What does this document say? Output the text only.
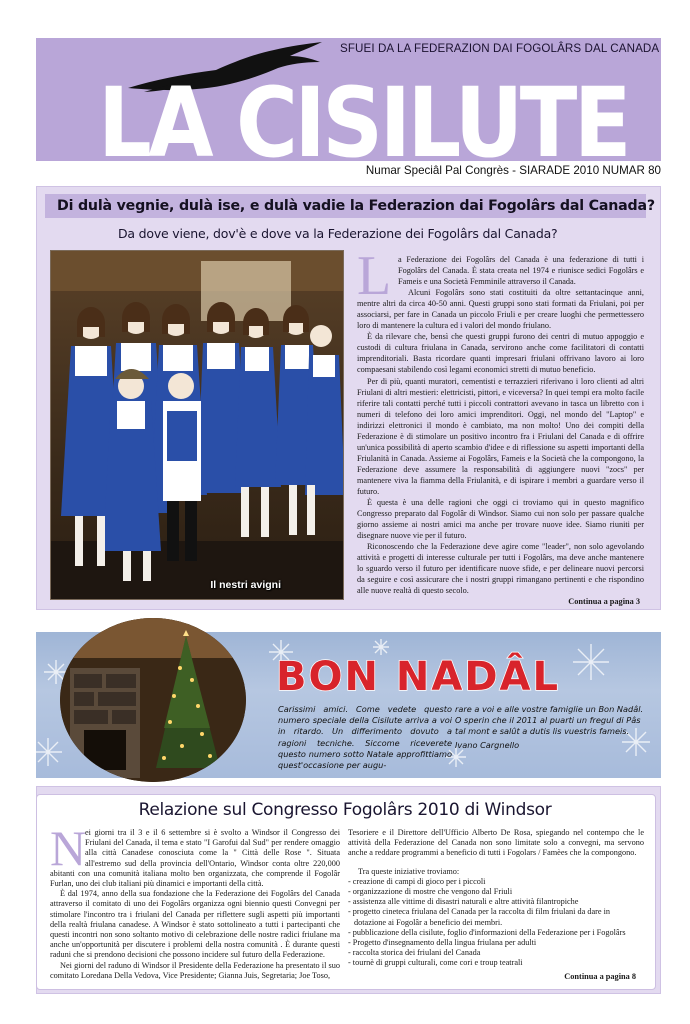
SFUEI DA LA FEDERAZION DAI FOGOLÂRS DAL CANADA
LA CISILUTE
Numar Speciâl Pal Congrès - SIARADE 2010 NUMAR 80
Di dulà vegnie, dulà ise, e dulà vadie la Federazion dai Fogolârs dal Canada?
Da dove viene, dov'è e dove va la Federazione dei Fogolârs dal Canada?
Il nestri avigni

La Federazione dei Fogolârs del Canada è una federazione di tutti i Fogolârs del Canada. È stata creata nel 1974 e riunisce sedici Fogolârs e Fameis e una Società Femminile attraverso il Canada.

Alcuni Fogolârs sono stati costituiti da oltre settantacinque anni, mentre altri da circa 40-50 anni. Questi gruppi sono stati formati da Friulani, poi per associarsi, per fare in Canada un piccolo Friuli e per creare luoghi che permettessero loro di mantenere la cultura ed i valori del mondo friulano.

È da rilevare che, bensì che questi gruppi furono dei centri di mutuo appoggio e custodi di cultura friulana in Canada, servirono anche come facilitatori di contatti imprenditoriali. Basta ricordare quanti impresari friulani offrivano lavoro ai loro compaesani stabilendo così legami economici stretti di mutuo beneficio.

Per di più, quanti muratori, cementisti e terrazzieri riferivano i loro clienti ad altri Friulani di altri mestieri: elettricisti, pittori, e viceversa? In quei tempi era molto facile riferire tali contatti perché tutti i piccoli contrattori avevano in tasca un libretto con i numeri di telefono dei loro amici imprenditori. Oggi, nel mondo del "Laptop" e indirizzi elettronici il mondo è cambiato, ma non molto! Uno dei compiti della Federazione è di stimolare un positivo incontro fra i Friulani del Canada e di offrire un'unica possibilità di aperto scambio d'idee e di riflessione su aspetti importanti della Friulanità in Canada. Assieme ai Fogolârs, Fameis e la Società che la compongono, la Federazione deve assumere la responsabilità di aggiungere nuovi "zocs" per mantenere viva la fiamma della Friulanità, e di ispirare i membri a guardare verso il futuro.

È questa è una delle ragioni che oggi ci troviamo qui in questo magnifico Congresso preparato dal Fogolâr di Windsor. Siamo cui non solo per passare qualche giorno assieme ai nostri amici ma anche per trovare nuove idee. Siamo riuniti per disegnare nuove vie per il futuro.

Riconoscendo che la Federazione deve agire come "leader", non solo agevolando attività e progetti di interesse culturale per tutti i Fogolârs, ma deve anche mantenere lo sguardo verso il futuro per identificare nuove sfide, e per delineare nuovi percorsi da seguire e così assicurare che i nostri gruppi rimangano pertinenti e che rispondino alle nuove realtà di questo secolo.

Continua a pagina 3
BON NADÂL
Carissimi amici. Come vedete questo numero speciale della Cisilute arriva a voi in ritardo. Un differimento dovuto a ragioni tecniche. Siccome riceverete questo numero sotto Natale approfittiamo quest'occasione per augu-
rare a voi e alle vostre famiglie un Bon Nadâl. O sperin che il 2011 al puarti un fregul di Pâs tal mont e salût a dutis lis vuestris fameis.
Ivano Cargnello
Relazione sul Congresso Fogolârs 2010 di Windsor

N
ei giorni tra il 3 e il 6 settembre si è svolto a Windsor il Congresso dei Friulani del Canada, il tema e stato "I Garofui dal Sud" per rendere omaggio alla città Canadese conosciuta come la " Città delle Rose ". Situata all'estremo sud della provincia dell'Ontario, Windsor conta oltre 220,000 abitanti con una comunità italiana molto ben organizzata, che comprende il Fogolâr Furlan, uno dei club italiani più dinamici e importanti della città.

È dal 1974, anno della sua fondazione che la Federazione dei Fogolârs del Canada attraverso il comitato di uno dei Fogolârs organizza ogni biennio questi Convegni per stimolare l'incontro tra i friulani del Canada per riflettere sugli aspetti più importanti della realtà friulana canadese. A Windsor è stato sottolineato a tutti i partecipanti che questi incontri non sono soltanto motivo di celebrazione delle nostre radici friulane ma anche un'opportunità per discutere i problemi della nostra comunità . È durante questi raduni che si prendono decisioni che possono incidere sul futuro della Federazione.

Nei giorni del raduno di Windsor il Presidente della Federazione ha presentato il suo comitato Loredana Della Vedova, Vice Presidente; Gianna Juis, Segretaria; Joe Toso,

Tesoriere e il Direttore dell'Ufficio Alberto De Rosa, spiegando nel contempo che le attività della Federazione del Canada non sono limitate solo a convegni, ma servono anche a reddare programmi a beneficio di tutti i Fogolars / Famèes che la compongono.

Tra queste iniziative troviamo:

- creazione di campi di gioco per i piccoli
- organizzazione di mostre che vengono dal Friuli
- assistenza alle vittime di disastri naturali e altre attività filantropiche
- progetto cineteca friulana del Canada per la raccolta di film friulani da dare in dotazione ai Fogolâr a beneficio dei membri.
- pubblicazione della cisilute, foglio d'informazioni della Federazione per i Fogolârs
- Progetto d'insegnamento della lingua friulana per adulti
- raccolta storica dei friulani del Canada
- tournè di gruppi culturali, come cori e troup teatrali
Continua a pagina 8
